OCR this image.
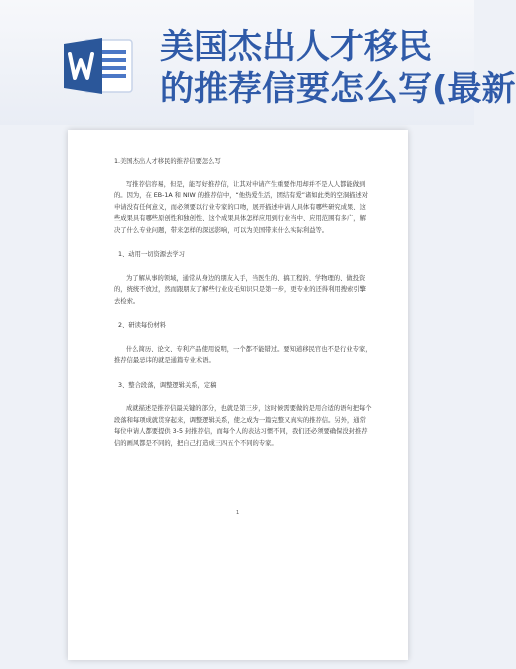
美国杰出人才移民
的推荐信要怎么写(最新

1.美国杰出人才移民的推荐信要怎么写

写推荐信容易，但是，能写好推荐信，让其对申请产生重要作用却并不是人人都能做到的。因为，在 EB-1A 和 NIW 的推荐信中，“他热爱生活，团结有爱”诸如此类的空洞描述对申请没有任何意义，而必须要以行业专家的口吻，展开描述申请人具体有哪些研究成果、这些成果具有哪些原创性和独创性、这个成果具体怎样应用到行业当中、应用范围有多广，解决了什么专业问题，带来怎样的深远影响，可以为美国带来什么实际利益等。

1、动用一切资源去学习

为了解从事的领域，通常从身边的朋友入手，当医生的、搞工程的、学物理的、做投资的，统统不放过，然而跟朋友了解些行业皮毛知识只是第一步，更专业的还得利用搜索引擎去检索。

2、研读每份材料

什么简历、论文、专利产品使用说明，一个都不能错过。要知道移民官也不是行业专家，推荐信最忌讳的就是通篇专业术语。

3、整合段落，调整逻辑关系，定稿

成就描述是推荐信最关键的部分，也就是第三步，这时候需要做的是用合适的语句把每个段落和每项成就贯穿起来，调整逻辑关系，使之成为一篇完整又真实的推荐信。另外，通常每位申请人都要提供 3-5 封推荐信，而每个人的表达习惯不同，我们还必须要确保没封推荐信的画风都是不同的，把自己打造成三四五个不同的专家。

1
